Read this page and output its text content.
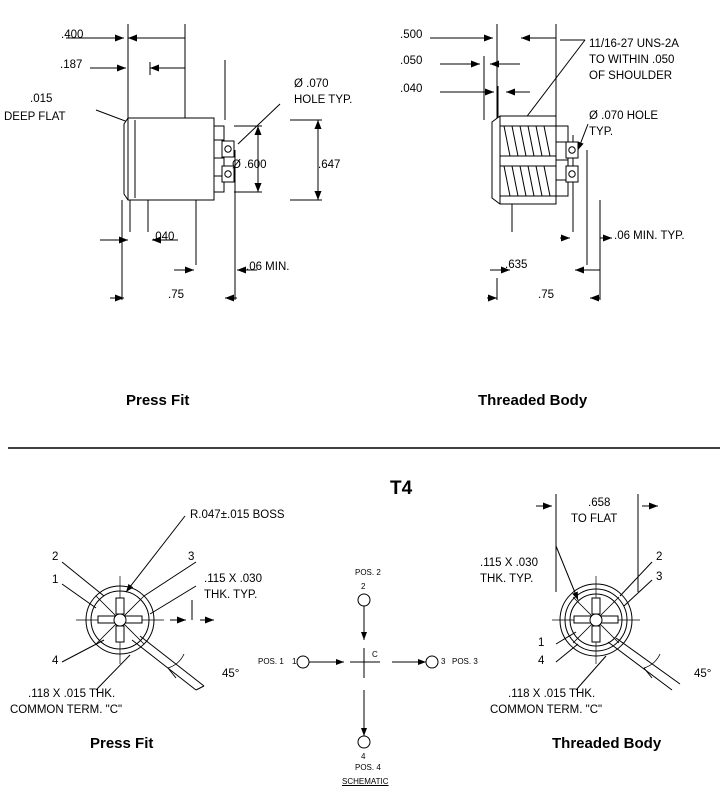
.400
.187
.015
DEEP FLAT
Ø .070
HOLE TYP.
Ø .600	.647
.040
.06 MIN.
.75
Press Fit
.500
.050
.040
11/16-27 UNS-2A
TO WITHIN .050
OF SHOULDER
Ø .070 HOLE
TYP.
.06 MIN. TYP.
.635
.75
Threaded Body
T4
R.047±.015 BOSS
2
1
3
4
.115 X .030
THK. TYP.
45°
.118 X .015 THK.
COMMON TERM. "C"
Press Fit
.658
TO FLAT
.115 X .030
THK. TYP.
2
3
1
4
45°
.118 X .015 THK.
COMMON TERM. "C"
Threaded Body
POS. 2
2
POS. 1 1	3 POS. 3
C
4
POS. 4
SCHEMATIC
